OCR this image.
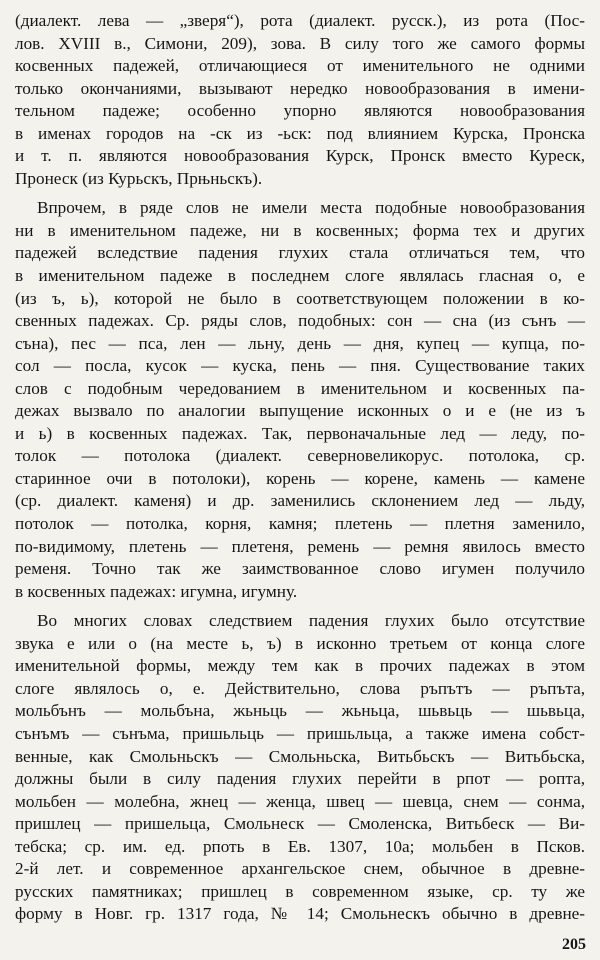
(диалект. лева — „зверя“), рота (диалект. русск.), из рота (Пос-
лов. XVIII в., Симони, 209), зова. В силу того же самого формы
косвенных падежей, отличающиеся от именительного не одними
только окончаниями, вызывают нередко новообразования в имени-
тельном падеже; особенно упорно являются новообразования
в именах городов на -ск из -ьск: под влиянием Курска, Пронска
и т. п. являются новообразования Курск, Пронск вместо Куреск,
Пронеск (из Курьскъ, Прњньскъ).
Впрочем, в ряде слов не имели места подобные новообразования
ни в именительном падеже, ни в косвенных; форма тех и других
падежей вследствие падения глухих стала отличаться тем, что
в именительном падеже в последнем слоге являлась гласная о, е
(из ъ, ь), которой не было в соответствующем положении в ко-
свенных падежах. Ср. ряды слов, подобных: сон — сна (из сънъ —
съна), пес — пса, лен — льну, день — дня, купец — купца, по-
сол — посла, кусок — куска, пень — пня. Существование таких
слов с подобным чередованием в именительном и косвенных па-
дежах вызвало по аналогии выпущение исконных о и е (не из ъ
и ь) в косвенных падежах. Так, первоначальные лед — леду, по-
толок — потолока (диалект. северновеликорус. потолока, ср.
старинное очи в потолоки), корень — корене, камень — камене
(ср. диалект. каменя) и др. заменились склонением лед — льду,
потолок — потолка, корня, камня; плетень — плетня заменило,
по-видимому, плетень — плетеня, ремень — ремня явилось вместо
ременя. Точно так же заимствованное слово игумен получило
в косвенных падежах: игумна, игумну.
Во многих словах следствием падения глухих было отсутствие
звука е или о (на месте ь, ъ) в исконно третьем от конца слоге
именительной формы, между тем как в прочих падежах в этом
слоге являлось о, е. Действительно, слова ръпътъ — ръпъта,
мольбънъ — мольбъна, жьньць — жьньца, шьвьць — шьвьца,
сънъмъ — сънъма, пришьльць — пришьльца, а также имена собст-
венные, как Смольньскъ — Смольньска, Витьбьскъ — Витьбьска,
должны были в силу падения глухих перейти в рпот — ропта,
мольбен — молебна, жнец — женца, швец — шевца, снем — сонма,
пришлец — пришельца, Смольнеск — Смоленска, Витьбеск — Ви-
тебска; ср. им. ед. рпоть в Ев. 1307, 10а; мольбен в Псков.
2-й лет. и современное архангельское снем, обычное в древне-
русских памятниках; пришлец в современном языке, ср. ту же
форму в Новг. гр. 1317 года, № 14; Смольнескъ обычно в древне-
205
